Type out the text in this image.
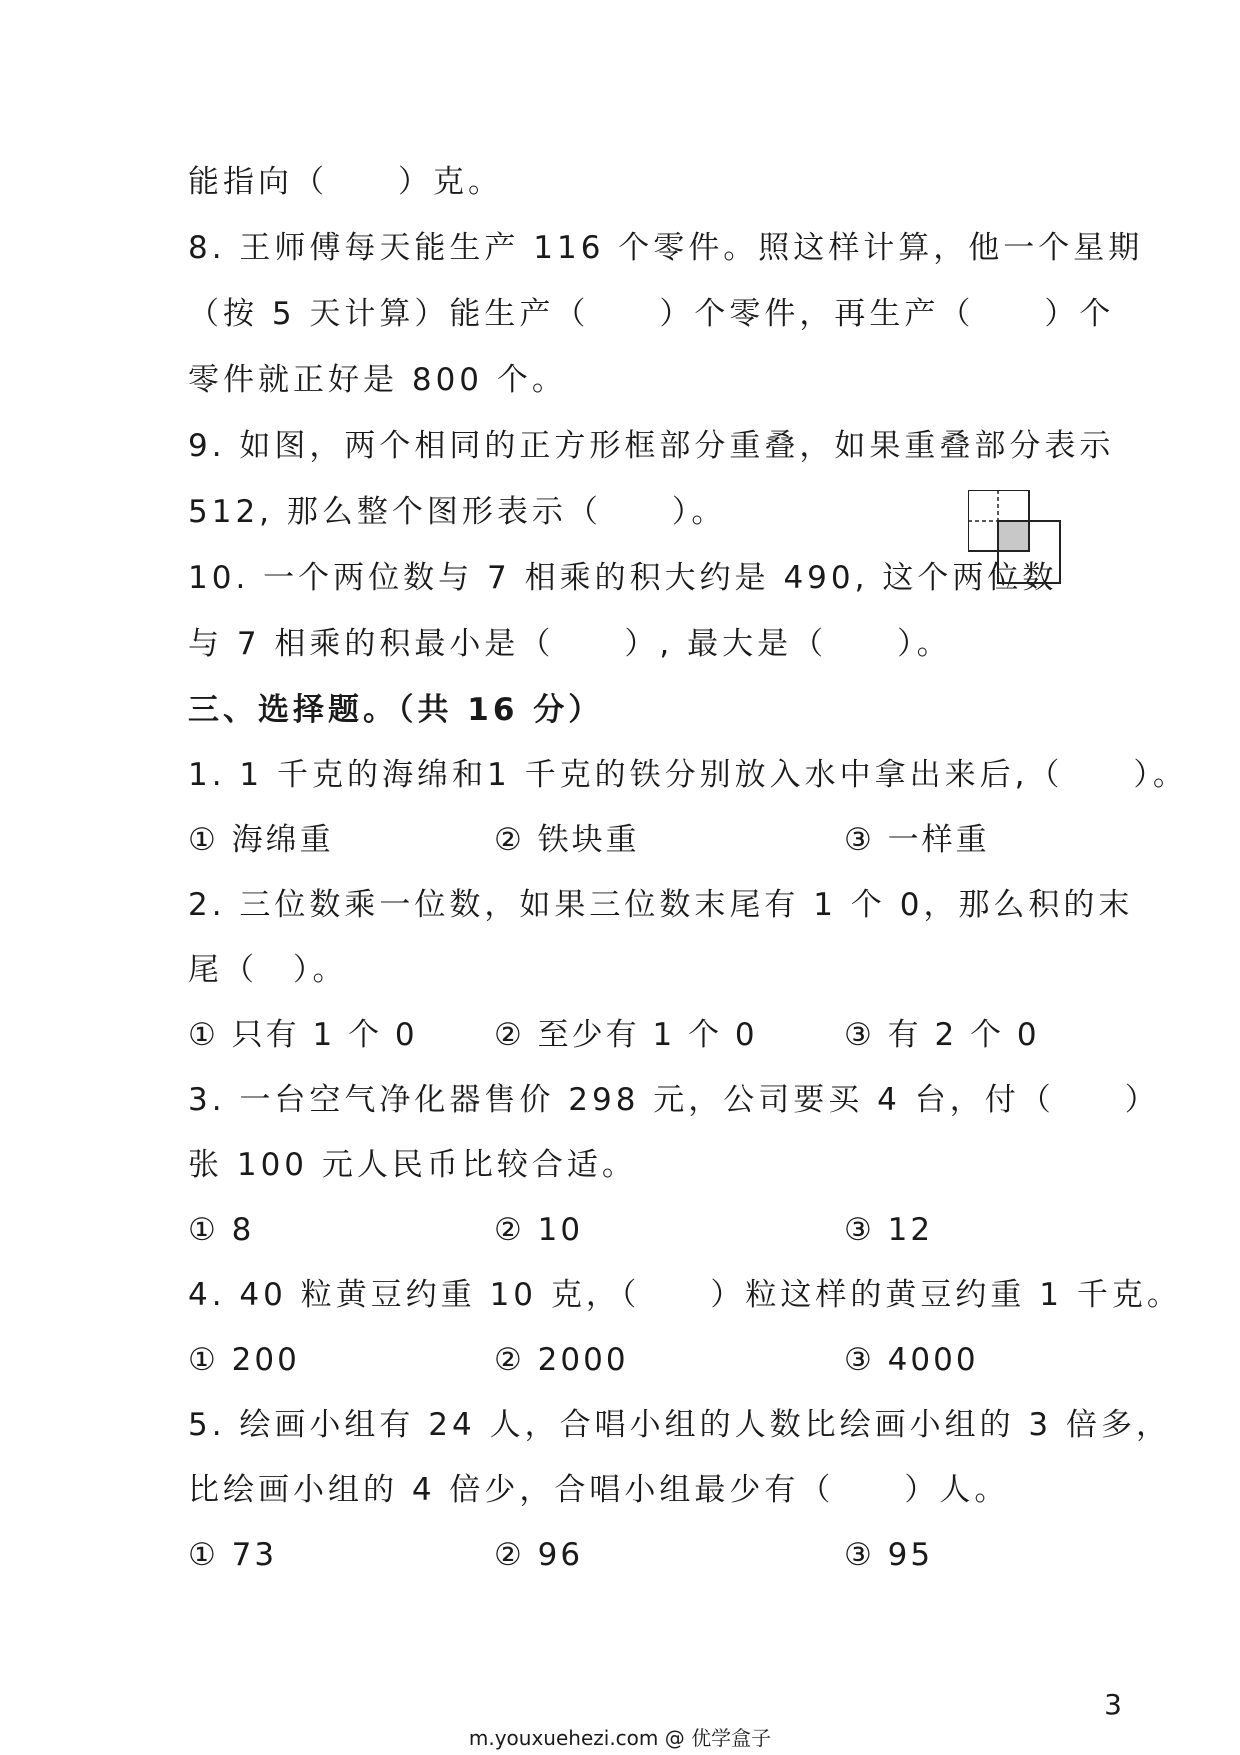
能指向（　　）克。
8. 王师傅每天能生产 116 个零件。照这样计算，他一个星期
（按 5 天计算）能生产（　　）个零件，再生产（　　）个
零件就正好是 800 个。
9. 如图，两个相同的正方形框部分重叠，如果重叠部分表示
512, 那么整个图形表示（　　）。
10. 一个两位数与 7 相乘的积大约是 490, 这个两位数
与 7 相乘的积最小是（　　）, 最大是（　　）。
三、选择题。（共 16 分）
1. 1 千克的海绵和1 千克的铁分别放入水中拿出来后,（　　）。
① 海绵重	② 铁块重	③ 一样重
2. 三位数乘一位数，如果三位数末尾有 1 个 0，那么积的末
尾（　）。
① 只有 1 个 0 ② 至少有 1 个 0	③ 有 2 个 0
3. 一台空气净化器售价 298 元，公司要买 4 台，付（　　）
张 100 元人民币比较合适。
① 8	② 10	③ 12
4. 40 粒黄豆约重 10 克，（　　）粒这样的黄豆约重 1 千克。
① 200	② 2000	③ 4000
5. 绘画小组有 24 人，合唱小组的人数比绘画小组的 3 倍多，
比绘画小组的 4 倍少，合唱小组最少有（　　）人。
① 73	② 96	③ 95
3
m.youxuehezi.com @ 优学盒子
